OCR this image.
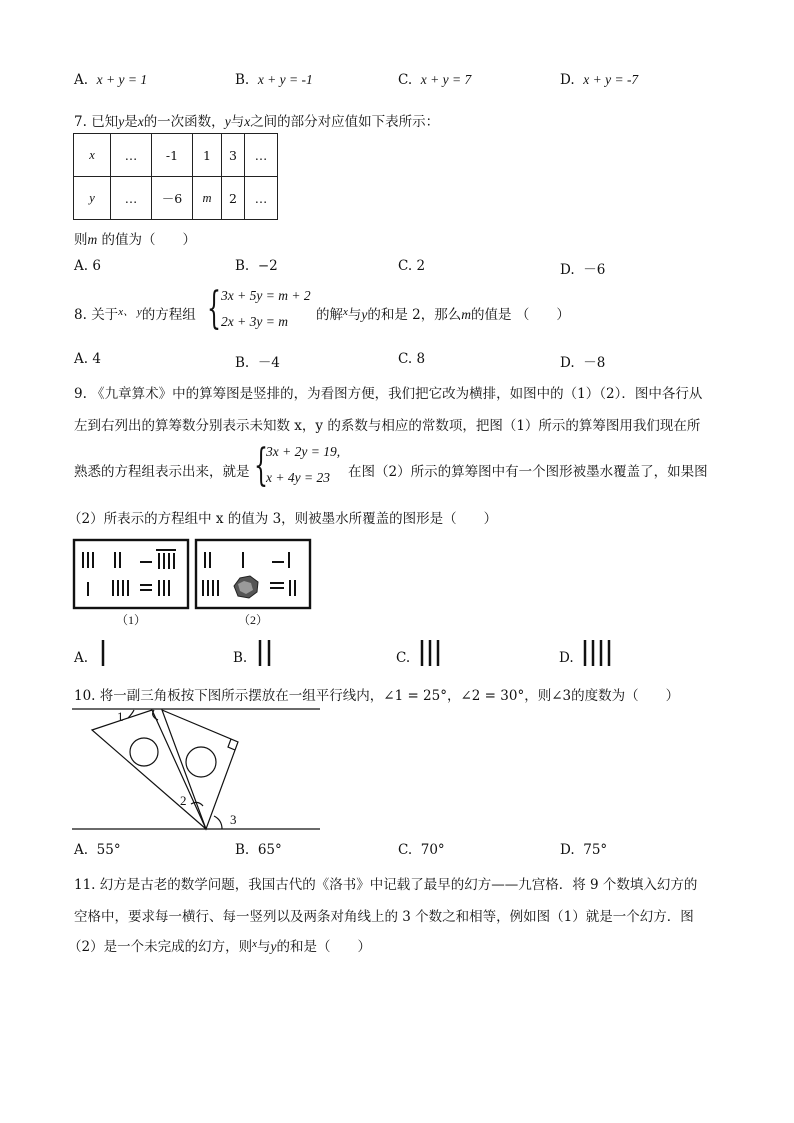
A. x + y = 1	B. x + y = -1	C. x + y = 7	D. x + y = -7
7. 已知y是x的一次函数，y与x之间的部分对应值如下表所示：
x	…	-1	1	3	…
y	…	－6	m	2	…
则m 的值为（　　）
A. 6	B. −2	C. 2	D. －6
8. 关于$^{x、 y}$的方程组 { 3x + 5y = m + 2
2x + 3y = m 的解$^x$与y的和是 2，那么m的值是 （　　）
A. 4	B. －4	C. 8	D. －8
9. 《九章算术》中的算筹图是竖排的，为看图方便，我们把它改为横排，如图中的（1）（2）．图中各行从
左到右列出的算筹数分别表示未知数 x，y 的系数与相应的常数项，把图（1）所示的算筹图用我们现在所
熟悉的方程组表示出来，就是 {
3x + 2y = 19,
x + 4y = 23 在图（2）所示的算筹图中有一个图形被墨水覆盖了，如果图
（2）所表示的方程组中 x 的值为 3，则被墨水所覆盖的图形是（　　）
（1）	（2）
A.	B.	C.	D.
10. 将一副三角板按下图所示摆放在一组平行线内，∠1 = 25°，∠2 = 30°，则∠3的度数为（　　）
1
2
3
A. 55°	B. 65°	C. 70°	D. 75°
11. 幻方是古老的数学问题，我国古代的《洛书》中记载了最早的幻方——九宫格．将 9 个数填入幻方的
空格中，要求每一横行、每一竖列以及两条对角线上的 3 个数之和相等，例如图（1）就是一个幻方．图
（2）是一个未完成的幻方，则$^x$与y的和是（　　）
